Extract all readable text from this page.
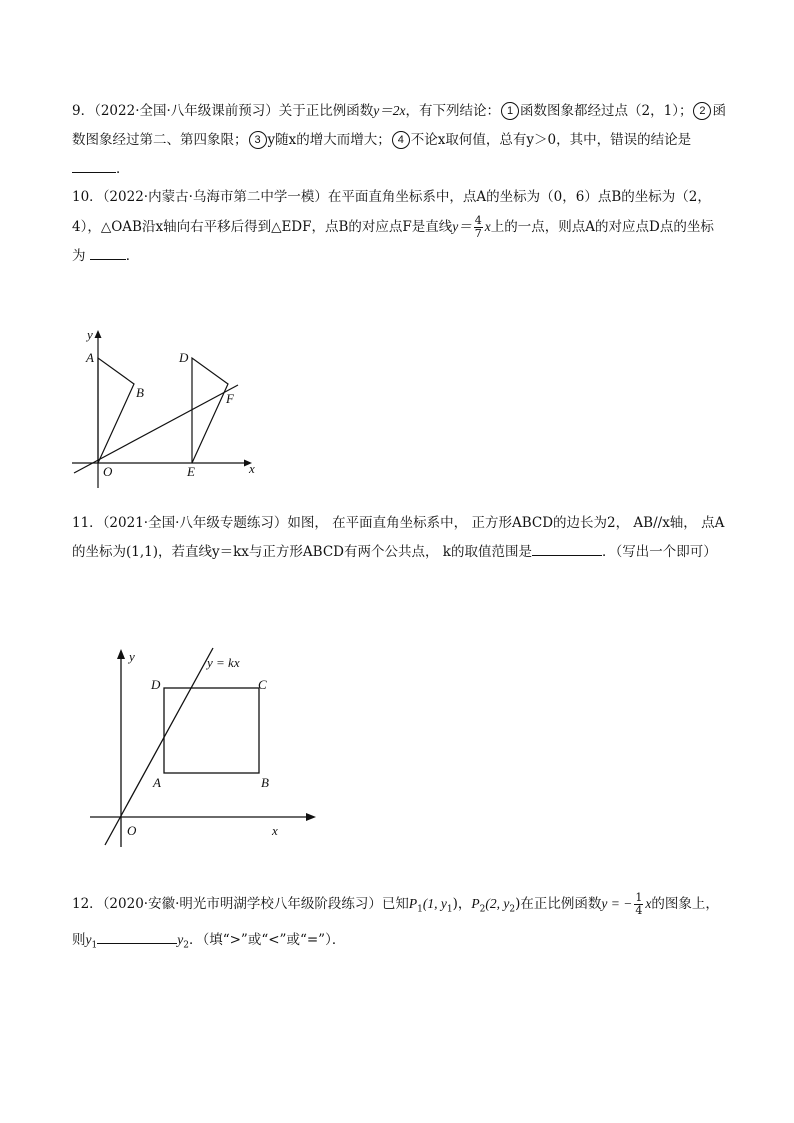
9．（2022·全国·八年级课前预习）关于正比例函数y＝2x，有下列结论： 1 函数图象都经过点（2，1）； 2 函数图象经过第二、第四象限； 3 y随x的增大而增大； 4 不论x取何值，总有y＞0，其中，错误的结论是．

10．（2022·内蒙古·乌海市第二中学一模）在平面直角坐标系中，点A的坐标为（0，6）点B的坐标为（2，4），△OAB沿x轴向右平移后得到△EDF，点B的对应点F是直线$y= \frac{4}{7}$ x上的一点，则点A的对应点D点的坐标为	．

y
A
B
D
F
O	E	x

11．（2021·全国·八年级专题练习）如图， 在平面直角坐标系中， 正方形ABCD的边长为2， AB//x轴， 点A的坐标为(1,1)，若直线y＝kx与正方形ABCD有两个公共点， k的取值范围是	．（写出一个即可）

y	y = kx
D	C
A	B
O	x

12．（2020·安徽·明光市明湖学校八年级阶段练习）已知$P_1(1$, $y_1$)，$P_2(2$, $y_2$)在正比例函数y = − $\frac{1}{4}$ x的图象上，则$y_1$	$y_2$．（填“>”或“<”或“=”）．
